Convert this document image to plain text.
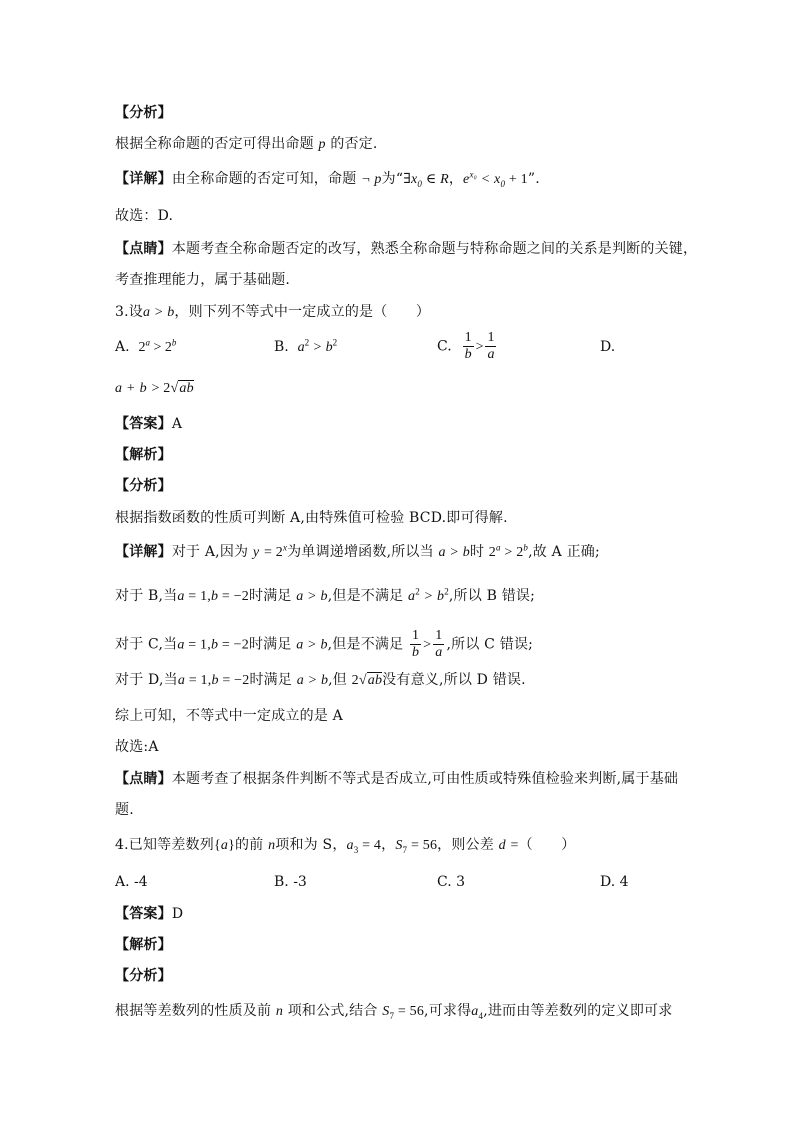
【分析】
根据全称命题的否定可得出命题 p 的否定.
【详解】由全称命题的否定可知，命题 ¬ p为“$\exists x_0$ ∈ R，$e^{x_0} < x_0 + 1$”.
故选：D.
【点睛】本题考查全称命题否定的改写，熟悉全称命题与特称命题之间的关系是判断的关键，
考查推理能力，属于基础题.
3.设a > b，则下列不等式中一定成立的是（　　）
A. $2^a > 2^b$	B. $a^2 > b^2$	C. $\frac{1}{b} > \frac{1}{a}$	D.
a + b > 2√ab
【答案】A
【解析】
【分析】
根据指数函数的性质可判断 A,由特殊值可检验 BCD.即可得解.
【详解】对于 A,因为 $y = 2^x$为单调递增函数,所以当 a > b时 $2^a > 2^b$,故 A 正确;
对于 B,当a = 1,b = −2时满足 a > b,但是不满足 $a^2 > b^2$,所以 B 错误;
对于 C,当a = 1,b = −2时满足 a > b,但是不满足 $\frac{1}{b} > \frac{1}{a}$ ,所以 C 错误;
对于 D,当a = 1,b = −2时满足 a > b,但 2√ab没有意义,所以 D 错误.
综上可知，不等式中一定成立的是 A
故选:A
【点睛】本题考查了根据条件判断不等式是否成立,可由性质或特殊值检验来判断,属于基础
题.
4.已知等差数列{a}的前 n项和为 S，$a_3 = 4$，$S_7 = 56$，则公差 d =（　　）
A. -4	B. -3	C. 3	D. 4
【答案】D
【解析】
【分析】
根据等差数列的性质及前 n 项和公式,结合 $S_7 = 56$,可求得$a_4$,进而由等差数列的定义即可求
